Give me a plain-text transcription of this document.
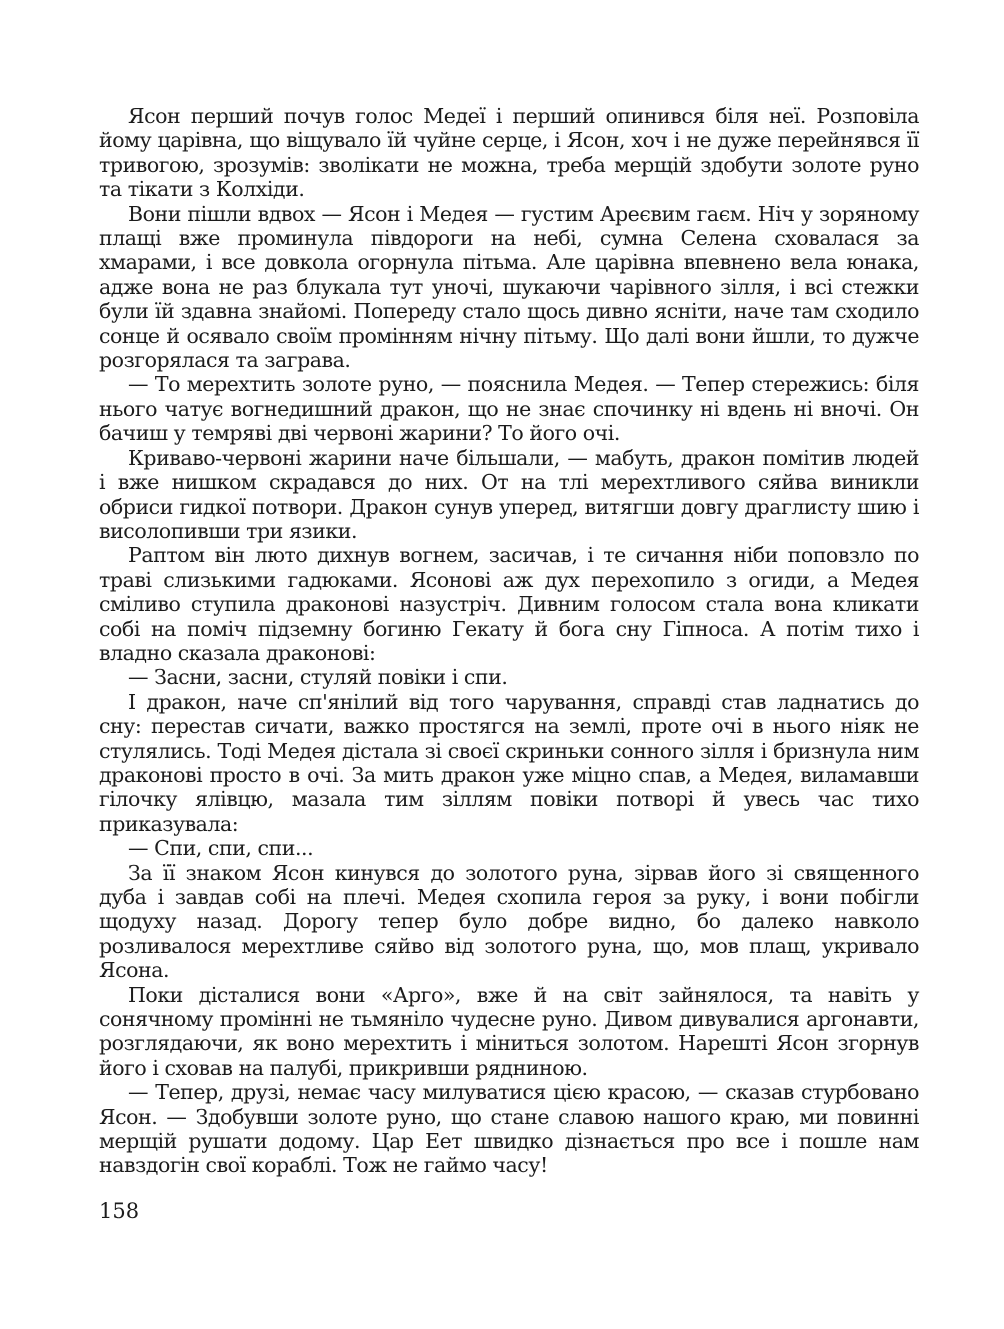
Ясон перший почув голос Медеї і перший опинився біля неї. Розповіла йому царівна, що віщувало їй чуйне серце, і Ясон, хоч і не дуже перейнявся її тривогою, зрозумів: зволікати не можна, треба мерщій здобути золоте руно та тікати з Колхіди.

Вони пішли вдвох — Ясон і Медея — густим Ареєвим гаєм. Ніч у зоряному плащі вже проминула півдороги на небі, сумна Селена сховалася за хмарами, і все довкола огорнула пітьма. Але царівна впевнено вела юнака, адже вона не раз блукала тут уночі, шукаючи чарівного зілля, і всі стежки були їй здавна знайомі. Попереду стало щось дивно ясніти, наче там сходило сонце й осявало своїм промінням нічну пітьму. Що далі вони йшли, то дужче розгорялася та заграва.

— То мерехтить золоте руно, — пояснила Медея. — Тепер стережись: біля нього чатує вогнедишний дракон, що не знає спочинку ні вдень ні вночі. Он бачиш у темряві дві червоні жарини? То його очі.

Криваво-червоні жарини наче більшали, — мабуть, дракон помітив людей і вже нишком скрадався до них. От на тлі мерехтливого сяйва виникли обриси гидкої потвори. Дракон сунув уперед, витягши довгу драглисту шию і висолопивши три язики.

Раптом він люто дихнув вогнем, засичав, і те сичання ніби поповзло по траві слизькими гадюками. Ясонові аж дух перехопило з огиди, а Медея сміливо ступила драконові назустріч. Дивним голосом стала вона кликати собі на поміч підземну богиню Гекату й бога сну Гіпноса. А потім тихо і владно сказала драконові:

— Засни, засни, стуляй повіки і спи.

І дракон, наче сп'янілий від того чарування, справді став ладнатись до сну: перестав сичати, важко простягся на землі, проте очі в нього ніяк не стулялись. Тоді Медея дістала зі своєї скриньки сонного зілля і бризнула ним драконові просто в очі. За мить дракон уже міцно спав, а Медея, виламавши гілочку ялівцю, мазала тим зіллям повіки потворі й увесь час тихо приказувала:

— Спи, спи, спи...

За її знаком Ясон кинувся до золотого руна, зірвав його зі священного дуба і завдав собі на плечі. Медея схопила героя за руку, і вони побігли щодуху назад. Дорогу тепер було добре видно, бо далеко навколо розливалося мерехтливе сяйво від золотого руна, що, мов плащ, укривало Ясона.

Поки дісталися вони «Арго», вже й на світ зайнялося, та навіть у сонячному промінні не тьмяніло чудесне руно. Дивом дивувалися аргонавти, розглядаючи, як воно мерехтить і міниться золотом. Нарешті Ясон згорнув його і сховав на палубі, прикривши рядниною.

— Тепер, друзі, немає часу милуватися цією красою, — сказав стурбовано Ясон. — Здобувши золоте руно, що стане славою нашого краю, ми повинні мерщій рушати додому. Цар Еет швидко дізнається про все і пошле нам навздогін свої кораблі. Тож не гаймо часу!

158
